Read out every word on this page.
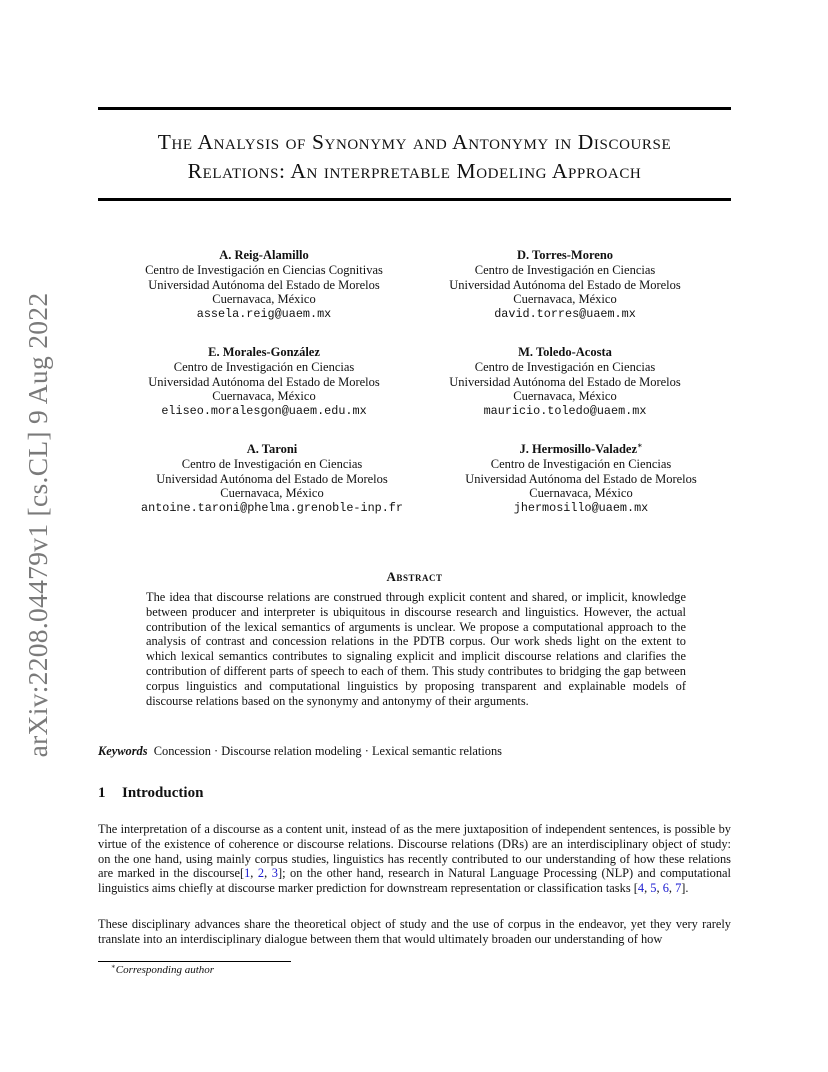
arXiv:2208.04479v1 [cs.CL] 9 Aug 2022
The Analysis of Synonymy and Antonymy in Discourse
Relations: An interpretable Modeling Approach
A. Reig-Alamillo
Centro de Investigación en Ciencias Cognitivas
Universidad Autónoma del Estado de Morelos
Cuernavaca, México
assela.reig@uaem.mx
D. Torres-Moreno
Centro de Investigación en Ciencias
Universidad Autónoma del Estado de Morelos
Cuernavaca, México
david.torres@uaem.mx
E. Morales-González
Centro de Investigación en Ciencias
Universidad Autónoma del Estado de Morelos
Cuernavaca, México
eliseo.moralesgon@uaem.edu.mx
M. Toledo-Acosta
Centro de Investigación en Ciencias
Universidad Autónoma del Estado de Morelos
Cuernavaca, México
mauricio.toledo@uaem.mx
A. Taroni
Centro de Investigación en Ciencias
Universidad Autónoma del Estado de Morelos
Cuernavaca, México
antoine.taroni@phelma.grenoble-inp.fr
J. Hermosillo-Valadez∗
Centro de Investigación en Ciencias
Universidad Autónoma del Estado de Morelos
Cuernavaca, México
jhermosillo@uaem.mx
Abstract
The idea that discourse relations are construed through explicit content and shared, or implicit, knowledge between producer and interpreter is ubiquitous in discourse research and linguistics. However, the actual contribution of the lexical semantics of arguments is unclear. We propose a computational approach to the analysis of contrast and concession relations in the PDTB corpus. Our work sheds light on the extent to which lexical semantics contributes to signaling explicit and implicit discourse relations and clarifies the contribution of different parts of speech to each of them. This study contributes to bridging the gap between corpus linguistics and computational linguistics by proposing transparent and explainable models of discourse relations based on the synonymy and antonymy of their arguments.
Keywords Concession · Discourse relation modeling · Lexical semantic relations
1 Introduction
The interpretation of a discourse as a content unit, instead of as the mere juxtaposition of independent sentences, is possible by virtue of the existence of coherence or discourse relations. Discourse relations (DRs) are an interdisciplinary object of study: on the one hand, using mainly corpus studies, linguistics has recently contributed to our understanding of how these relations are marked in the discourse[1, 2, 3]; on the other hand, research in Natural Language Processing (NLP) and computational linguistics aims chiefly at discourse marker prediction for downstream representation or classification tasks [4, 5, 6, 7].
These disciplinary advances share the theoretical object of study and the use of corpus in the endeavor, yet they very rarely translate into an interdisciplinary dialogue between them that would ultimately broaden our understanding of how
∗Corresponding author
